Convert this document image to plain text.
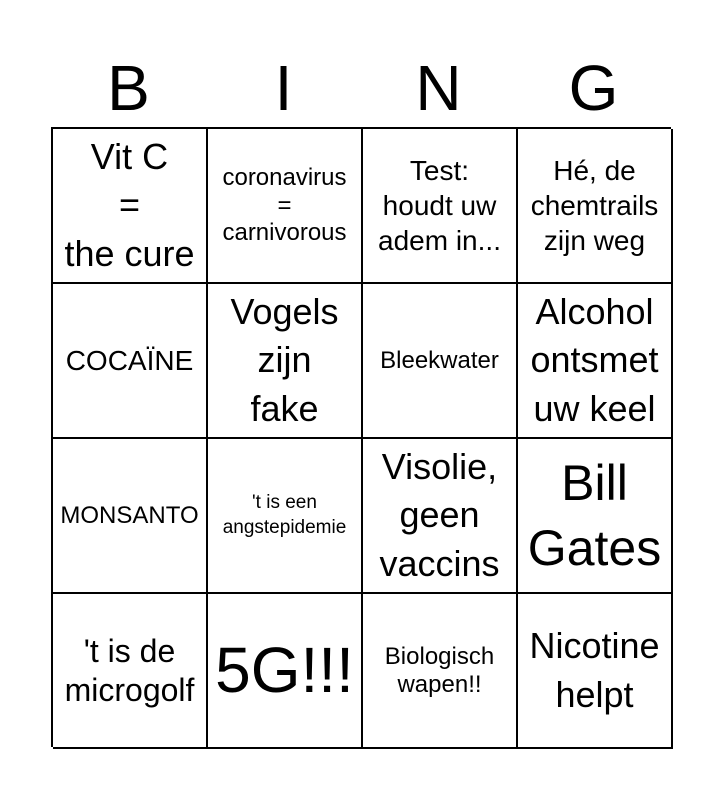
B	I	N	G
Vit C
=
the cure
coronavirus
=
carnivorous
Test:
houdt uw
adem in...
Hé, de
chemtrails
zijn weg
COCAÏNE
Vogels
zijn
fake
Bleekwater
Alcohol
ontsmet
uw keel
MONSANTO	't is een
angstepidemie
Visolie,
geen
vaccins
Bill
Gates
't is de
microgolf 5G!!! Biologisch
wapen!!
Nicotine
helpt
